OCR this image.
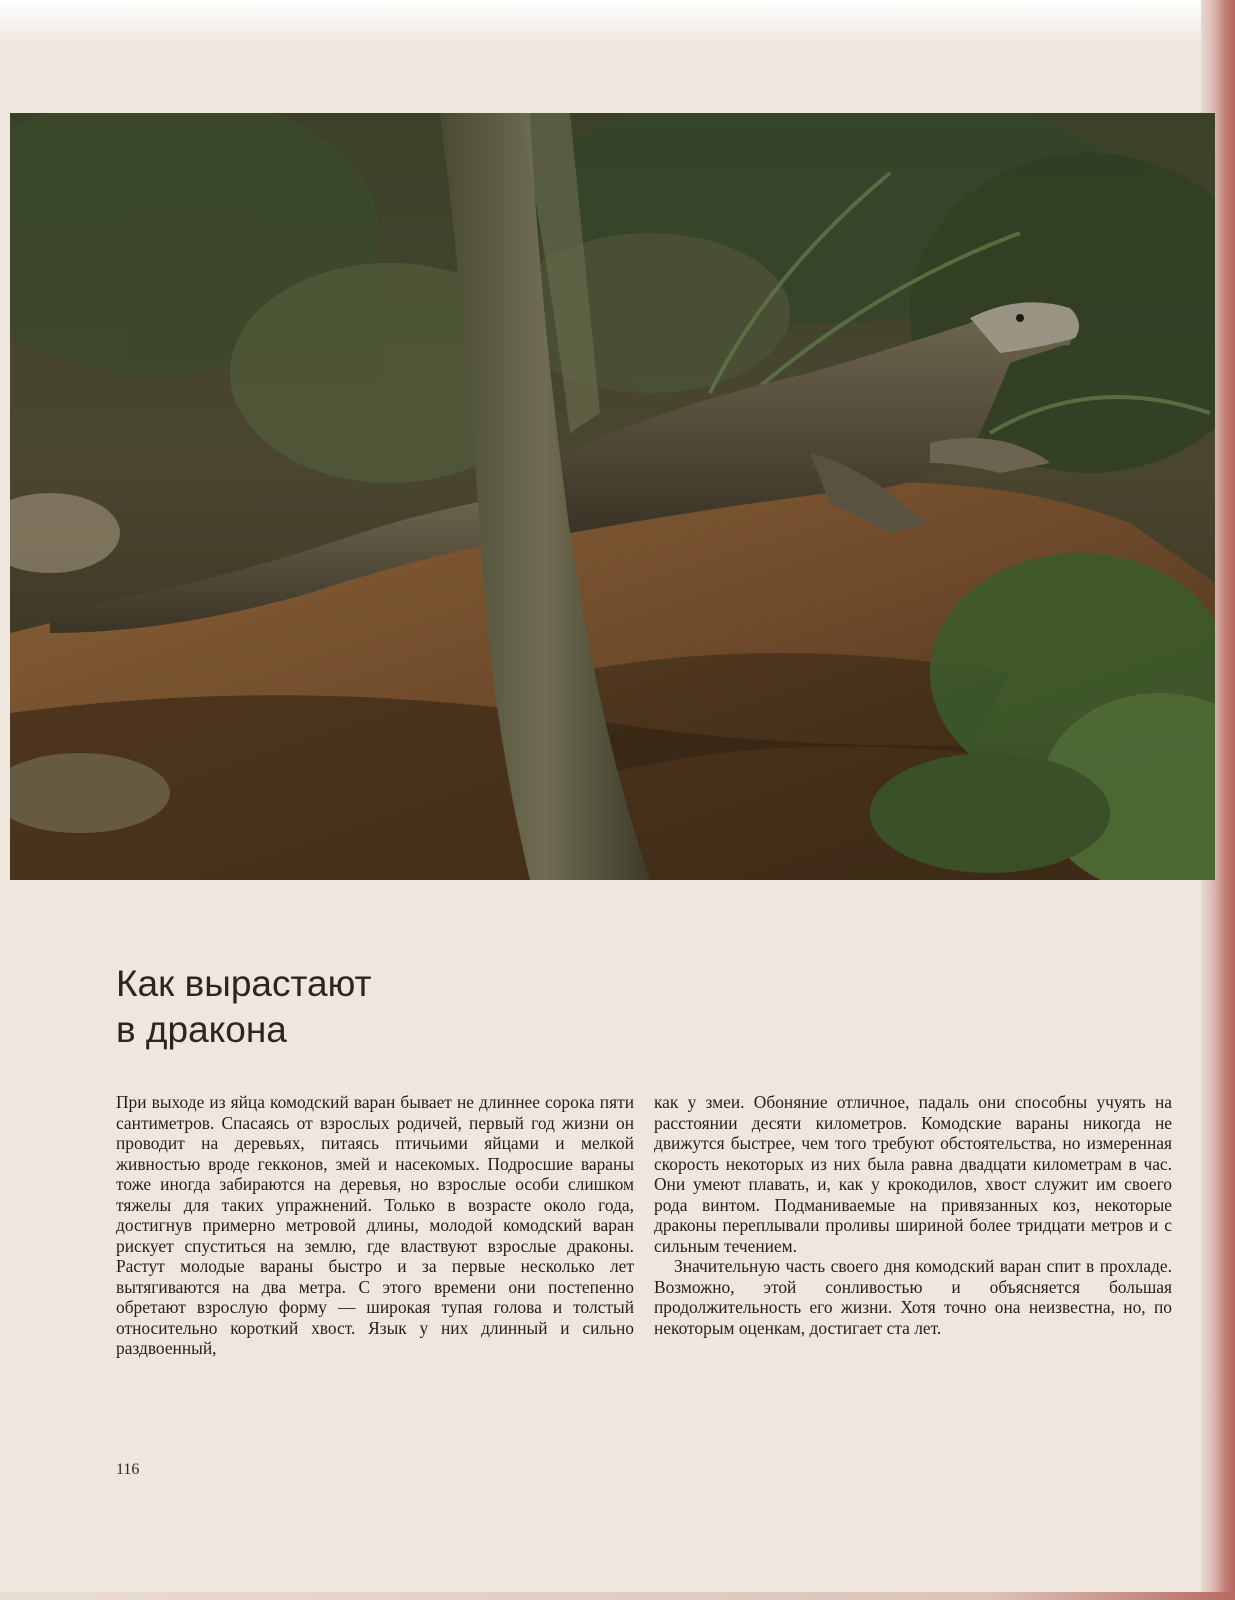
Как вырастают
в дракона

При выходе из яйца комодский варан бывает не длиннее сорока пяти сантиметров. Спасаясь от взрослых родичей, первый год жизни он проводит на деревьях, питаясь птичьими яйцами и мелкой живностью вроде гекконов, змей и насекомых. Подросшие вараны тоже иногда забираются на деревья, но взрослые особи слишком тяжелы для таких упражнений. Только в возрасте около года, достигнув примерно метровой длины, молодой комодский варан рискует спуститься на землю, где властвуют взрослые драконы. Растут молодые вараны быстро и за первые несколько лет вытягиваются на два метра. С этого времени они постепенно обретают взрослую форму — широкая тупая голова и толстый относительно короткий хвост. Язык у них длинный и сильно раздвоенный,

как у змеи. Обоняние отличное, падаль они способны учуять на расстоянии десяти километров. Комодские вараны никогда не движутся быстрее, чем того требуют обстоятельства, но измеренная скорость некоторых из них была равна двадцати километрам в час. Они умеют плавать, и, как у крокодилов, хвост служит им своего рода винтом. Подманиваемые на привязанных коз, некоторые драконы переплывали проливы шириной более тридцати метров и с сильным течением.

Значительную часть своего дня комодский варан спит в прохладе. Возможно, этой сонливостью и объясняется большая продолжительность его жизни. Хотя точно она неизвестна, но, по некоторым оценкам, достигает ста лет.

116
